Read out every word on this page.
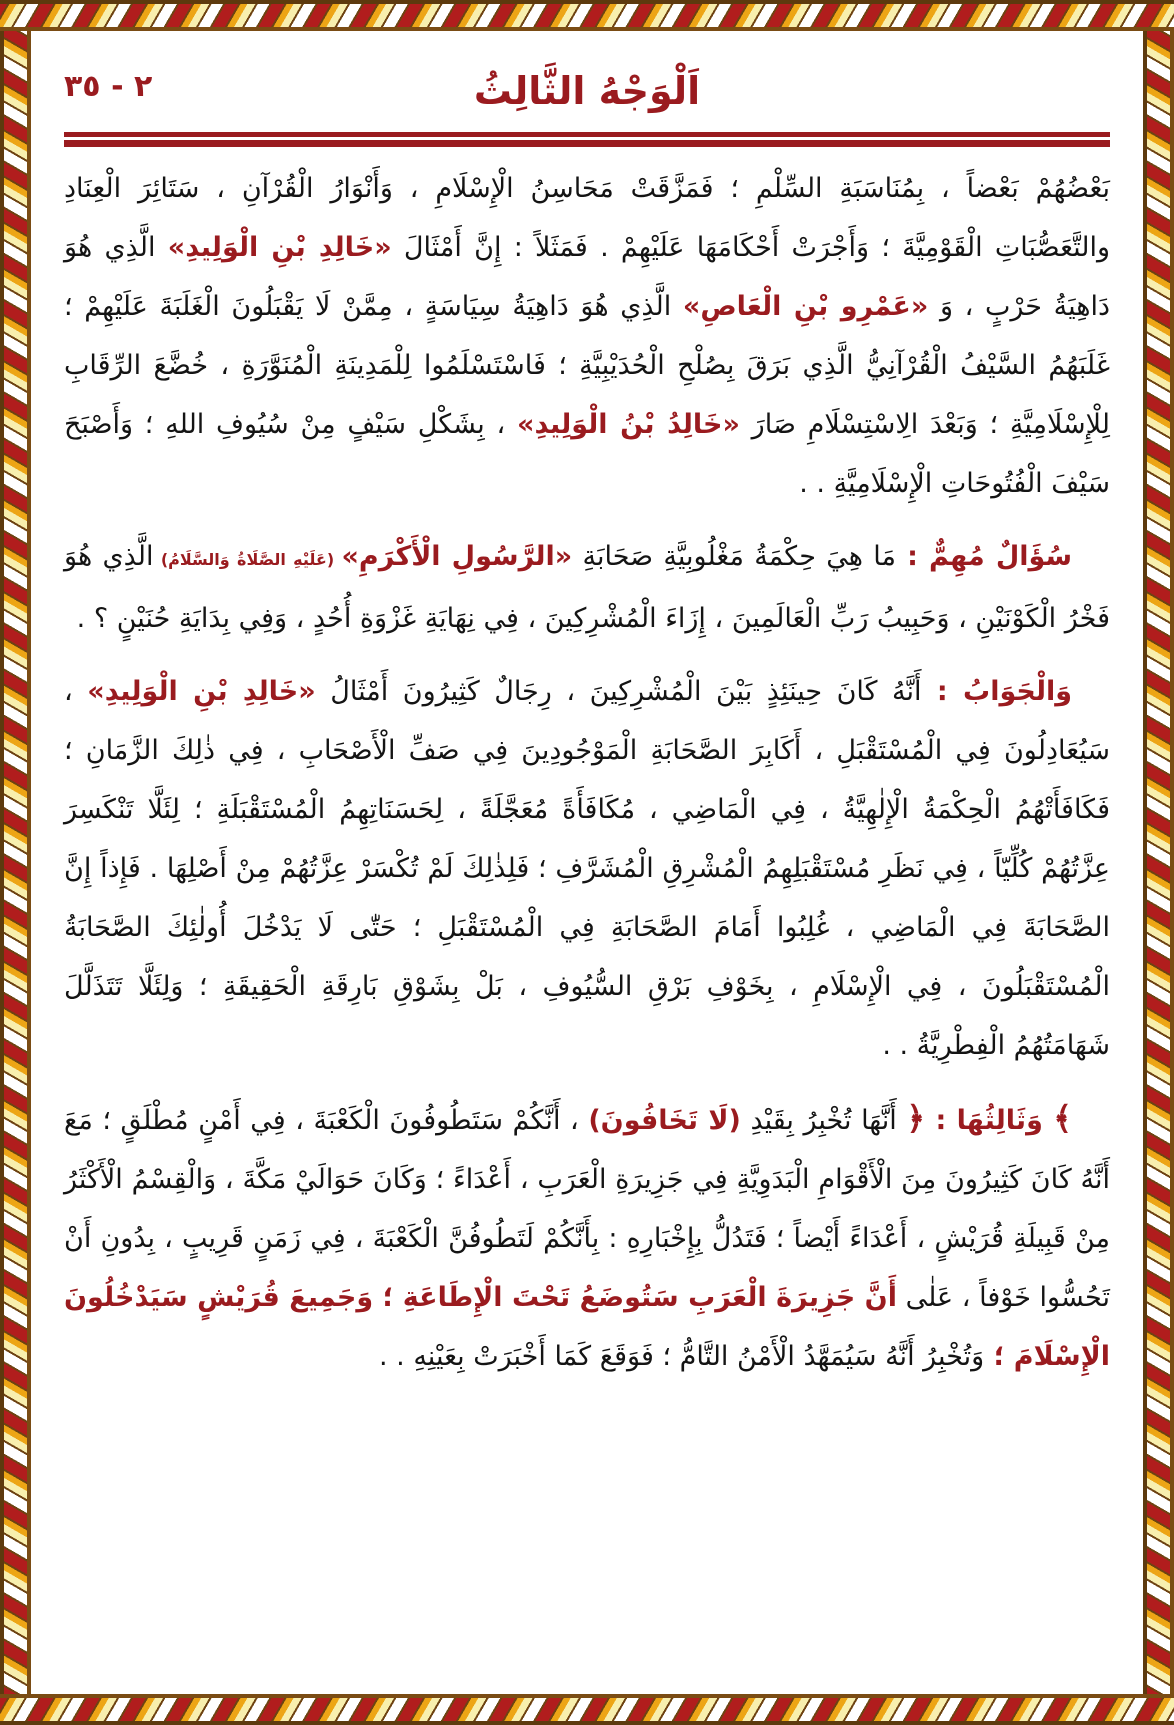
٢ - ٣٥	اَلْوَجْهُ الثَّالِثُ

بَعْضُهُمْ بَعْضاً ، بِمُنَاسَبَةِ السِّلْمِ ؛ فَمَزَّقَتْ مَحَاسِنُ الْإِسْلَامِ ، وَأَنْوَارُ الْقُرْآنِ ، سَتَائِرَ الْعِنَادِ والتَّعَصُّبَاتِ الْقَوْمِيَّةَ ؛ وَأَجْرَتْ أَحْكَامَهَا عَلَيْهِمْ . فَمَثَلاً : إِنَّ أَمْثَالَ «خَالِدِ بْنِ الْوَلِيدِ» الَّذِي هُوَ دَاهِيَةُ حَرْبٍ ، وَ «عَمْرِو بْنِ الْعَاصِ» الَّذِي هُوَ دَاهِيَةُ سِيَاسَةٍ ، مِمَّنْ لَا يَقْبَلُونَ الْغَلَبَةَ عَلَيْهِمْ ؛ غَلَبَهُمُ السَّيْفُ الْقُرْآنِيُّ الَّذِي بَرَقَ بِصُلْحِ الْحُدَيْبِيَّةِ ؛ فَاسْتَسْلَمُوا لِلْمَدِينَةِ الْمُنَوَّرَةِ ، خُضَّعَ الرِّقَابِ لِلْإِسْلَامِيَّةِ ؛ وَبَعْدَ الِاسْتِسْلَامِ صَارَ «خَالِدُ بْنُ الْوَلِيدِ» ، بِشَكْلِ سَيْفٍ مِنْ سُيُوفِ اللهِ ؛ وَأَصْبَحَ سَيْفَ الْفُتُوحَاتِ الْإِسْلَامِيَّةِ . .

سُؤَالٌ مُهِمٌّ : مَا هِيَ حِكْمَةُ مَغْلُوبِيَّةِ صَحَابَةِ «الرَّسُولِ الْأَكْرَمِ» (عَلَيْهِ الصَّلَاةُ وَالسَّلَامُ) الَّذِي هُوَ فَخْرُ الْكَوْنَيْنِ ، وَحَبِيبُ رَبِّ الْعَالَمِينَ ، إِزَاءَ الْمُشْرِكِينَ ، فِي نِهَايَةِ غَزْوَةِ أُحُدٍ ، وَفِي بِدَايَةِ حُنَيْنٍ ؟ .

وَالْجَوَابُ : أَنَّهُ كَانَ حِينَئِذٍ بَيْنَ الْمُشْرِكِينَ ، رِجَالٌ كَثِيرُونَ أَمْثَالُ «خَالِدِ بْنِ الْوَلِيدِ» ، سَيُعَادِلُونَ فِي الْمُسْتَقْبَلِ ، أَكَابِرَ الصَّحَابَةِ الْمَوْجُودِينَ فِي صَفِّ الْأَصْحَابِ ، فِي ذٰلِكَ الزَّمَانِ ؛ فَكَافَأَتْهُمُ الْحِكْمَةُ الْإِلٰهِيَّةُ ، فِي الْمَاضِي ، مُكَافَأَةً مُعَجَّلَةً ، لِحَسَنَاتِهِمُ الْمُسْتَقْبَلَةِ ؛ لِئَلَّا تَنْكَسِرَ عِزَّتُهُمْ كُلِّيّاً ، فِي نَظَرِ مُسْتَقْبَلِهِمُ الْمُشْرِقِ الْمُشَرَّفِ ؛ فَلِذٰلِكَ لَمْ تُكْسَرْ عِزَّتُهُمْ مِنْ أَصْلِهَا . فَإِذاً إِنَّ الصَّحَابَةَ فِي الْمَاضِي ، غُلِبُوا أَمَامَ الصَّحَابَةِ فِي الْمُسْتَقْبَلِ ؛ حَتّٰى لَا يَدْخُلَ أُولٰئِكَ الصَّحَابَةُ الْمُسْتَقْبَلُونَ ، فِي الْإِسْلَامِ ، بِخَوْفِ بَرْقِ السُّيُوفِ ، بَلْ بِشَوْقِ بَارِقَةِ الْحَقِيقَةِ ؛ وَلِئَلَّا تَتَذَلَّلَ شَهَامَتُهُمُ الْفِطْرِيَّةُ . .

﴾ وَثَالِثُهَا : ﴿ أَنَّهَا تُخْبِرُ بِقَيْدِ (لَا تَخَافُونَ) ، أَنَّكُمْ سَتَطُوفُونَ الْكَعْبَةَ ، فِي أَمْنٍ مُطْلَقٍ ؛ مَعَ أَنَّهُ كَانَ كَثِيرُونَ مِنَ الْأَقْوَامِ الْبَدَوِيَّةِ فِي جَزِيرَةِ الْعَرَبِ ، أَعْدَاءً ؛ وَكَانَ حَوَالَيْ مَكَّةَ ، وَالْقِسْمُ الْأَكْثَرُ مِنْ قَبِيلَةِ قُرَيْشٍ ، أَعْدَاءً أَيْضاً ؛ فَتَدُلُّ بِإِخْبَارِهِ : بِأَنَّكُمْ لَتَطُوفُنَّ الْكَعْبَةَ ، فِي زَمَنٍ قَرِيبٍ ، بِدُونِ أَنْ تَحُسُّوا خَوْفاً ، عَلٰى أَنَّ جَزِيرَةَ الْعَرَبِ سَتُوضَعُ تَحْتَ الْإِطَاعَةِ ؛ وَجَمِيعَ قُرَيْشٍ سَيَدْخُلُونَ الْإِسْلَامَ ؛ وَتُخْبِرُ أَنَّهُ سَيُمَهَّدُ الْأَمْنُ التَّامُّ ؛ فَوَقَعَ كَمَا أَخْبَرَتْ بِعَيْنِهِ . .
